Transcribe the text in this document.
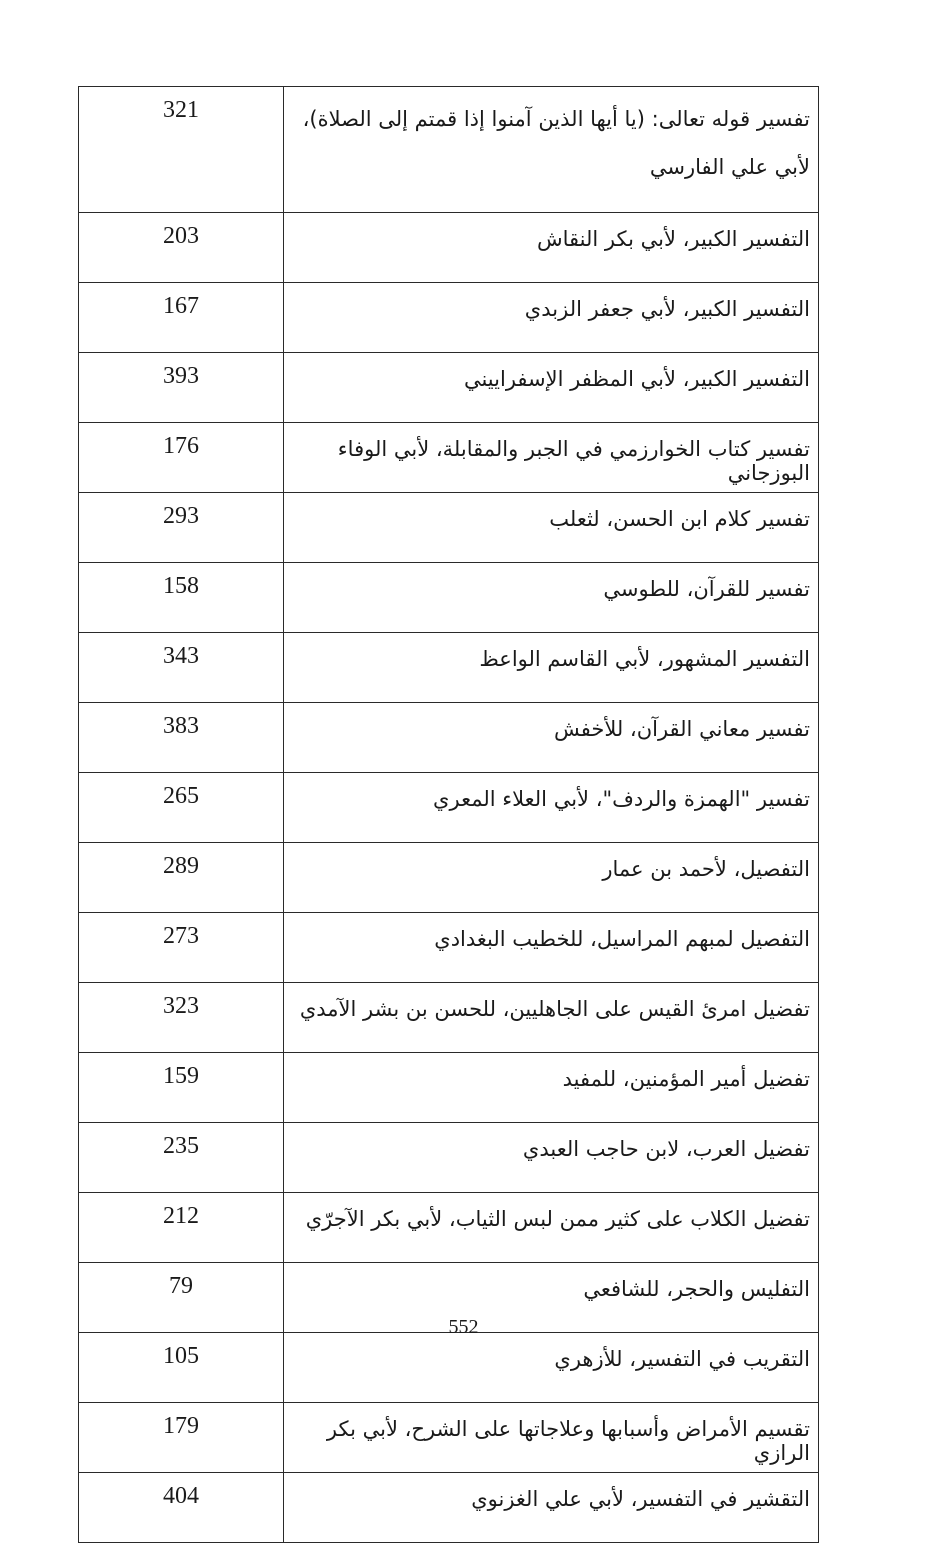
321	تفسير قوله تعالى: (يا أيها الذين آمنوا إذا قمتم إلى الصلاة)، لأبي علي الفارسي
203	التفسير الكبير، لأبي بكر النقاش
167	التفسير الكبير، لأبي جعفر الزبدي
393	التفسير الكبير، لأبي المظفر الإسفراييني
176	تفسير كتاب الخوارزمي في الجبر والمقابلة، لأبي الوفاء البوزجاني
293	تفسير كلام ابن الحسن، لثعلب
158	تفسير للقرآن، للطوسي
343	التفسير المشهور، لأبي القاسم الواعظ
383	تفسير معاني القرآن، للأخفش
265	تفسير "الهمزة والردف"، لأبي العلاء المعري
289	التفصيل، لأحمد بن عمار
273	التفصيل لمبهم المراسيل، للخطيب البغدادي
323	تفضيل امرئ القيس على الجاهليين، للحسن بن بشر الآمدي
159	تفضيل أمير المؤمنين، للمفيد
235	تفضيل العرب، لابن حاجب العبدي
212	تفضيل الكلاب على كثير ممن لبس الثياب، لأبي بكر الآجرّي
79	التفليس والحجر، للشافعي
105	التقريب في التفسير، للأزهري
179	تقسيم الأمراض وأسبابها وعلاجاتها على الشرح، لأبي بكر الرازي
404	التقشير في التفسير، لأبي علي الغزنوي
552
